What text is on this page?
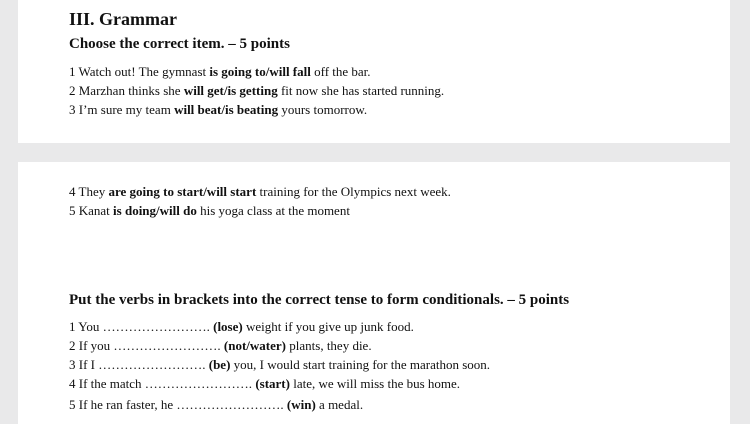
III. Grammar
Choose the correct item. – 5 points
1 Watch out! The gymnast is going to/will fall off the bar.
2 Marzhan thinks she will get/is getting fit now she has started running.
3 I’m sure my team will beat/is beating yours tomorrow.
4 They are going to start/will start training for the Olympics next week.
5 Kanat is doing/will do his yoga class at the moment
Put the verbs in brackets into the correct tense to form conditionals. – 5 points
1 You ……………………. (lose) weight if you give up junk food.
2 If you ……………………. (not/water) plants, they die.
3 If I ……………………. (be) you, I would start training for the marathon soon.
4 If the match ……………………. (start) late, we will miss the bus home.
5 If he ran faster, he ……………………. (win) a medal.
